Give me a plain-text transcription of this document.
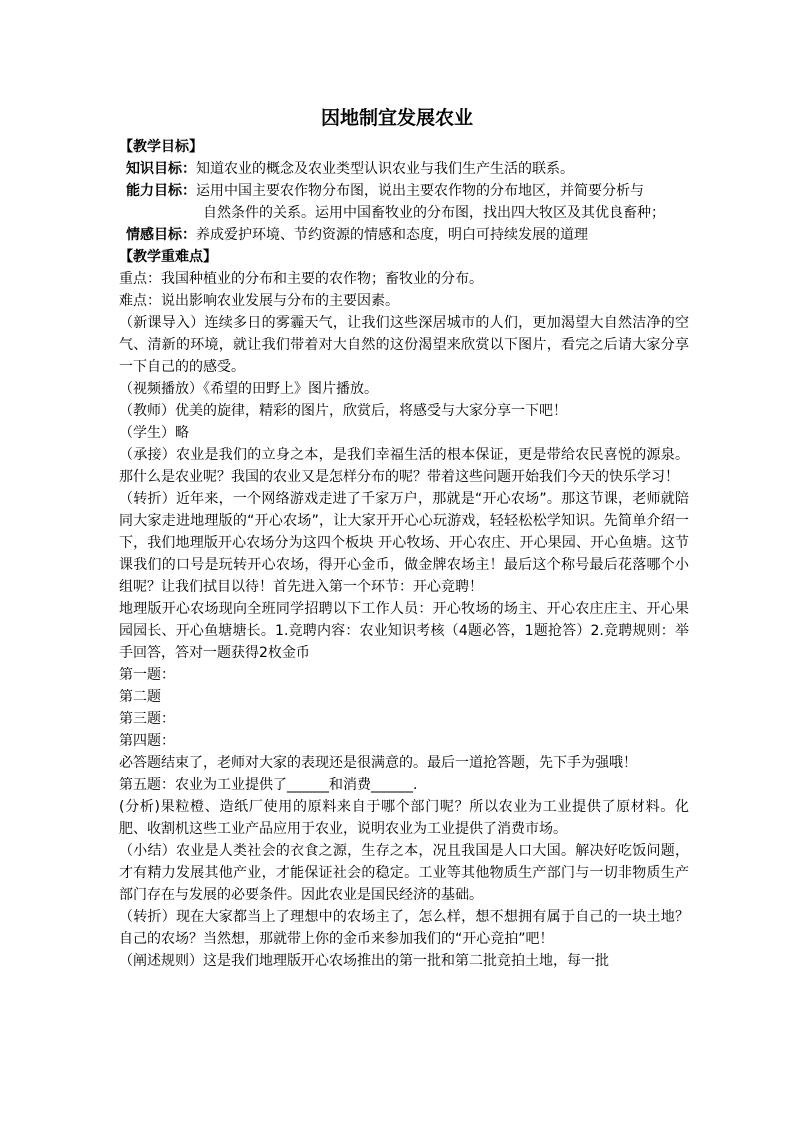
因地制宜发展农业
【教学目标】
知识目标：知道农业的概念及农业类型认识农业与我们生产生活的联系。
能力目标：运用中国主要农作物分布图，说出主要农作物的分布地区，并简要分析与
自然条件的关系。运用中国畜牧业的分布图，找出四大牧区及其优良畜种；
情感目标：养成爱护环境、节约资源的情感和态度，明白可持续发展的道理
【教学重难点】
重点：我国种植业的分布和主要的农作物；畜牧业的分布。
难点：说出影响农业发展与分布的主要因素。
（新课导入）连续多日的雾霾天气，让我们这些深居城市的人们，更加渴望大自然洁净的空气、清新的环境，就让我们带着对大自然的这份渴望来欣赏以下图片，看完之后请大家分享一下自己的的感受。
（视频播放）《希望的田野上》图片播放。
（教师）优美的旋律，精彩的图片，欣赏后，将感受与大家分享一下吧！
（学生）略
（承接）农业是我们的立身之本，是我们幸福生活的根本保证，更是带给农民喜悦的源泉。那什么是农业呢？我国的农业又是怎样分布的呢？带着这些问题开始我们今天的快乐学习！
（转折）近年来，一个网络游戏走进了千家万户，那就是“开心农场”。那这节课，老师就陪同大家走进地理版的“开心农场”，让大家开开心心玩游戏，轻轻松松学知识。先简单介绍一下，我们地理版开心农场分为这四个板块 开心牧场、开心农庄、开心果园、开心鱼塘。这节课我们的口号是玩转开心农场，得开心金币，做金牌农场主！最后这个称号最后花落哪个小组呢？让我们拭目以待！首先进入第一个环节：开心竞聘！
地理版开心农场现向全班同学招聘以下工作人员：开心牧场的场主、开心农庄庄主、开心果园园长、开心鱼塘塘长。1.竞聘内容：农业知识考核（4题必答，1题抢答）2.竞聘规则：举手回答，答对一题获得2枚金币
第一题：
第二题
第三题：
第四题：
必答题结束了，老师对大家的表现还是很满意的。最后一道抢答题，先下手为强哦！
第五题：农业为工业提供了______和消费______.
(分析)果粒橙、造纸厂使用的原料来自于哪个部门呢？所以农业为工业提供了原材料。化肥、收割机这些工业产品应用于农业，说明农业为工业提供了消费市场。
（小结）农业是人类社会的衣食之源，生存之本，况且我国是人口大国。解决好吃饭问题，才有精力发展其他产业，才能保证社会的稳定。工业等其他物质生产部门与一切非物质生产部门存在与发展的必要条件。因此农业是国民经济的基础。
（转折）现在大家都当上了理想中的农场主了，怎么样，想不想拥有属于自己的一块土地？自己的农场？当然想，那就带上你的金币来参加我们的“开心竞拍”吧！
（阐述规则）这是我们地理版开心农场推出的第一批和第二批竞拍土地，每一批
